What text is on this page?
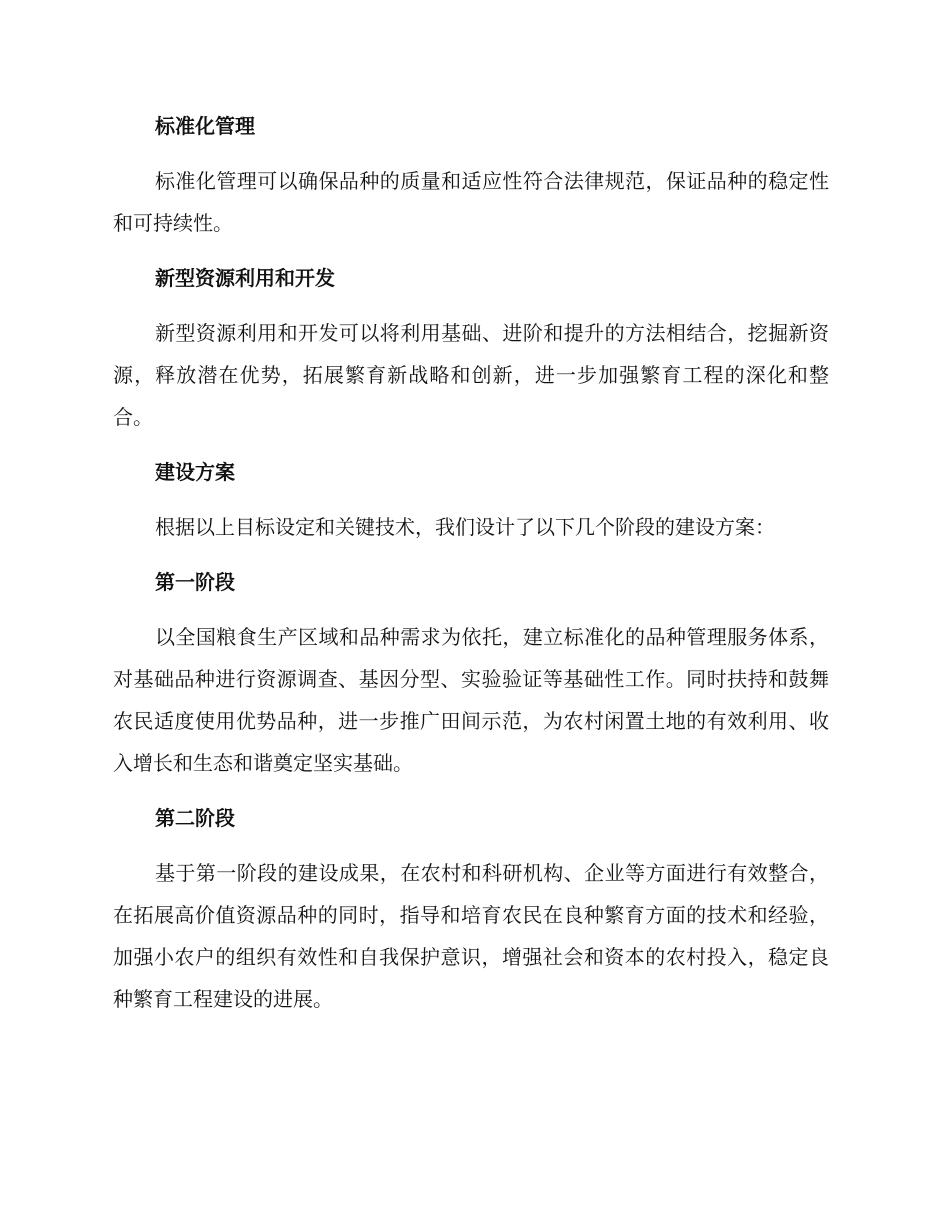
标准化管理

标准化管理可以确保品种的质量和适应性符合法律规范，保证品种的稳定性和可持续性。

新型资源利用和开发

新型资源利用和开发可以将利用基础、进阶和提升的方法相结合，挖掘新资源，释放潜在优势，拓展繁育新战略和创新，进一步加强繁育工程的深化和整合。

建设方案

根据以上目标设定和关键技术，我们设计了以下几个阶段的建设方案：

第一阶段

以全国粮食生产区域和品种需求为依托，建立标准化的品种管理服务体系，对基础品种进行资源调查、基因分型、实验验证等基础性工作。同时扶持和鼓舞农民适度使用优势品种，进一步推广田间示范，为农村闲置土地的有效利用、收入增长和生态和谐奠定坚实基础。

第二阶段

基于第一阶段的建设成果，在农村和科研机构、企业等方面进行有效整合，在拓展高价值资源品种的同时，指导和培育农民在良种繁育方面的技术和经验，加强小农户的组织有效性和自我保护意识，增强社会和资本的农村投入，稳定良种繁育工程建设的进展。
